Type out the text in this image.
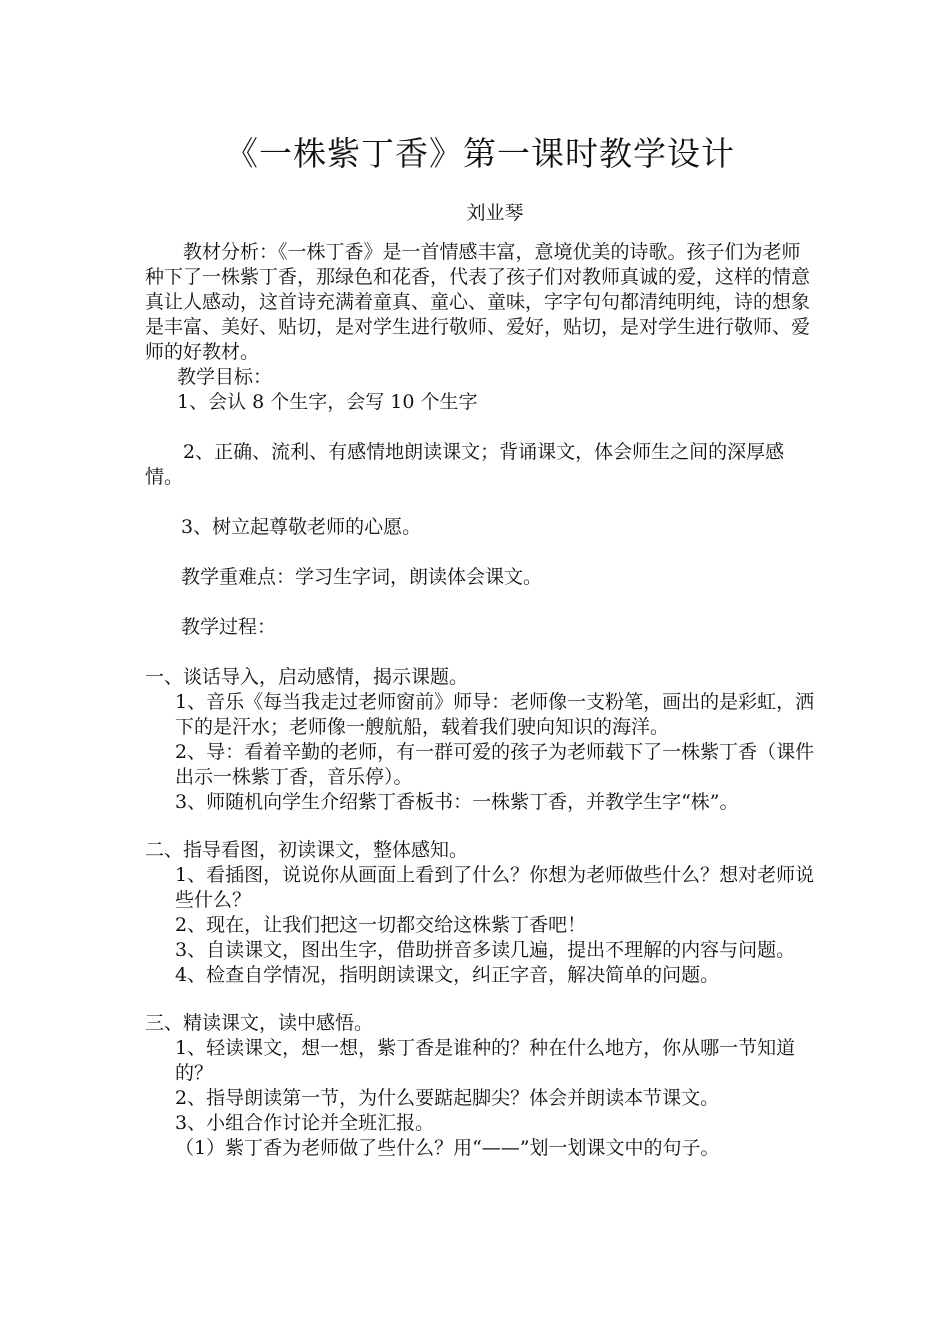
《一株紫丁香》第一课时教学设计
刘业琴

教材分析：《一株丁香》是一首情感丰富，意境优美的诗歌。孩子们为老师种下了一株紫丁香，那绿色和花香，代表了孩子们对教师真诚的爱，这样的情意真让人感动，这首诗充满着童真、童心、童味，字字句句都清纯明纯，诗的想象是丰富、美好、贴切，是对学生进行敬师、爱好，贴切，是对学生进行敬师、爱师的好教材。

教学目标：

1、会认 8 个生字，会写 10 个生字

2、正确、流利、有感情地朗读课文；背诵课文，体会师生之间的深厚感情。

3、树立起尊敬老师的心愿。

教学重难点：学习生字词，朗读体会课文。

教学过程：

一、谈话导入，启动感情，揭示课题。

1、音乐《每当我走过老师窗前》师导：老师像一支粉笔，画出的是彩虹，洒下的是汗水；老师像一艘航船，载着我们驶向知识的海洋。

2、导：看着辛勤的老师，有一群可爱的孩子为老师载下了一株紫丁香（课件出示一株紫丁香，音乐停）。

3、师随机向学生介绍紫丁香板书：一株紫丁香，并教学生字“株”。

二、指导看图，初读课文，整体感知。

1、看插图，说说你从画面上看到了什么？你想为老师做些什么？想对老师说些什么？

2、现在，让我们把这一切都交给这株紫丁香吧！

3、自读课文，图出生字，借助拼音多读几遍，提出不理解的内容与问题。

4、检查自学情况，指明朗读课文，纠正字音，解决简单的问题。

三、精读课文，读中感悟。

1、轻读课文，想一想，紫丁香是谁种的？种在什么地方，你从哪一节知道的？

2、指导朗读第一节，为什么要踮起脚尖？体会并朗读本节课文。

3、小组合作讨论并全班汇报。

（1）紫丁香为老师做了些什么？用“——”划一划课文中的句子。
